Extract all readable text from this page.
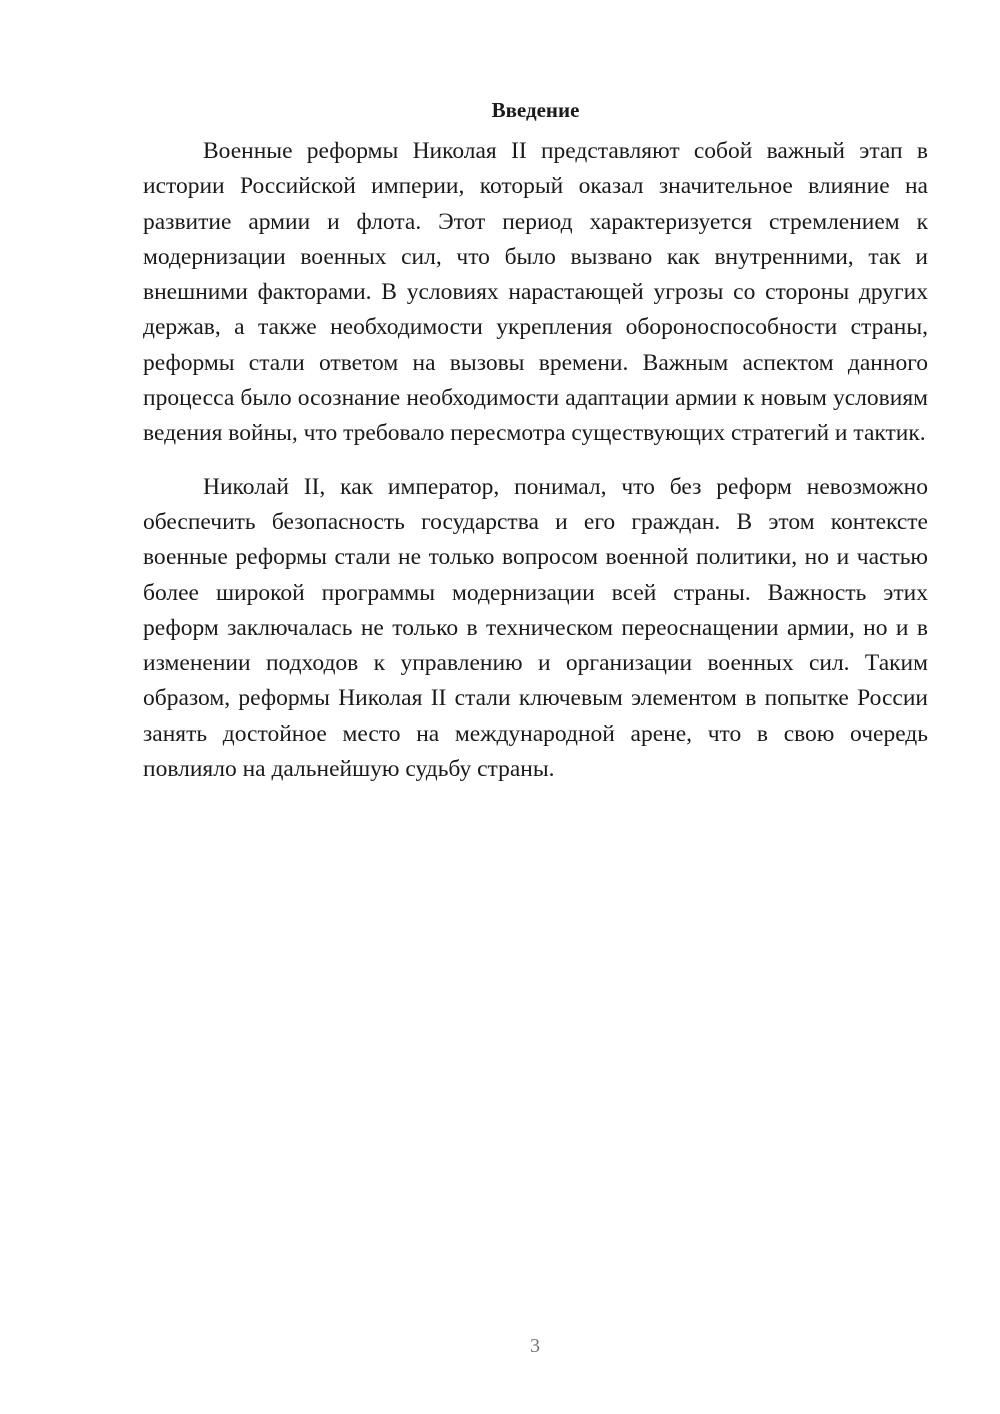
Введение

Военные реформы Николая II представляют собой важный этап в истории Российской империи, который оказал значительное влияние на развитие армии и флота. Этот период характеризуется стремлением к модернизации военных сил, что было вызвано как внутренними, так и внешними факторами. В условиях нарастающей угрозы со стороны других держав, а также необходимости укрепления обороноспособности страны, реформы стали ответом на вызовы времени. Важным аспектом данного процесса было осознание необходимости адаптации армии к новым условиям ведения войны, что требовало пересмотра существующих стратегий и тактик.

Николай II, как император, понимал, что без реформ невозможно обеспечить безопасность государства и его граждан. В этом контексте военные реформы стали не только вопросом военной политики, но и частью более широкой программы модернизации всей страны. Важность этих реформ заключалась не только в техническом переоснащении армии, но и в изменении подходов к управлению и организации военных сил. Таким образом, реформы Николая II стали ключевым элементом в попытке России занять достойное место на международной арене, что в свою очередь повлияло на дальнейшую судьбу страны.

3
